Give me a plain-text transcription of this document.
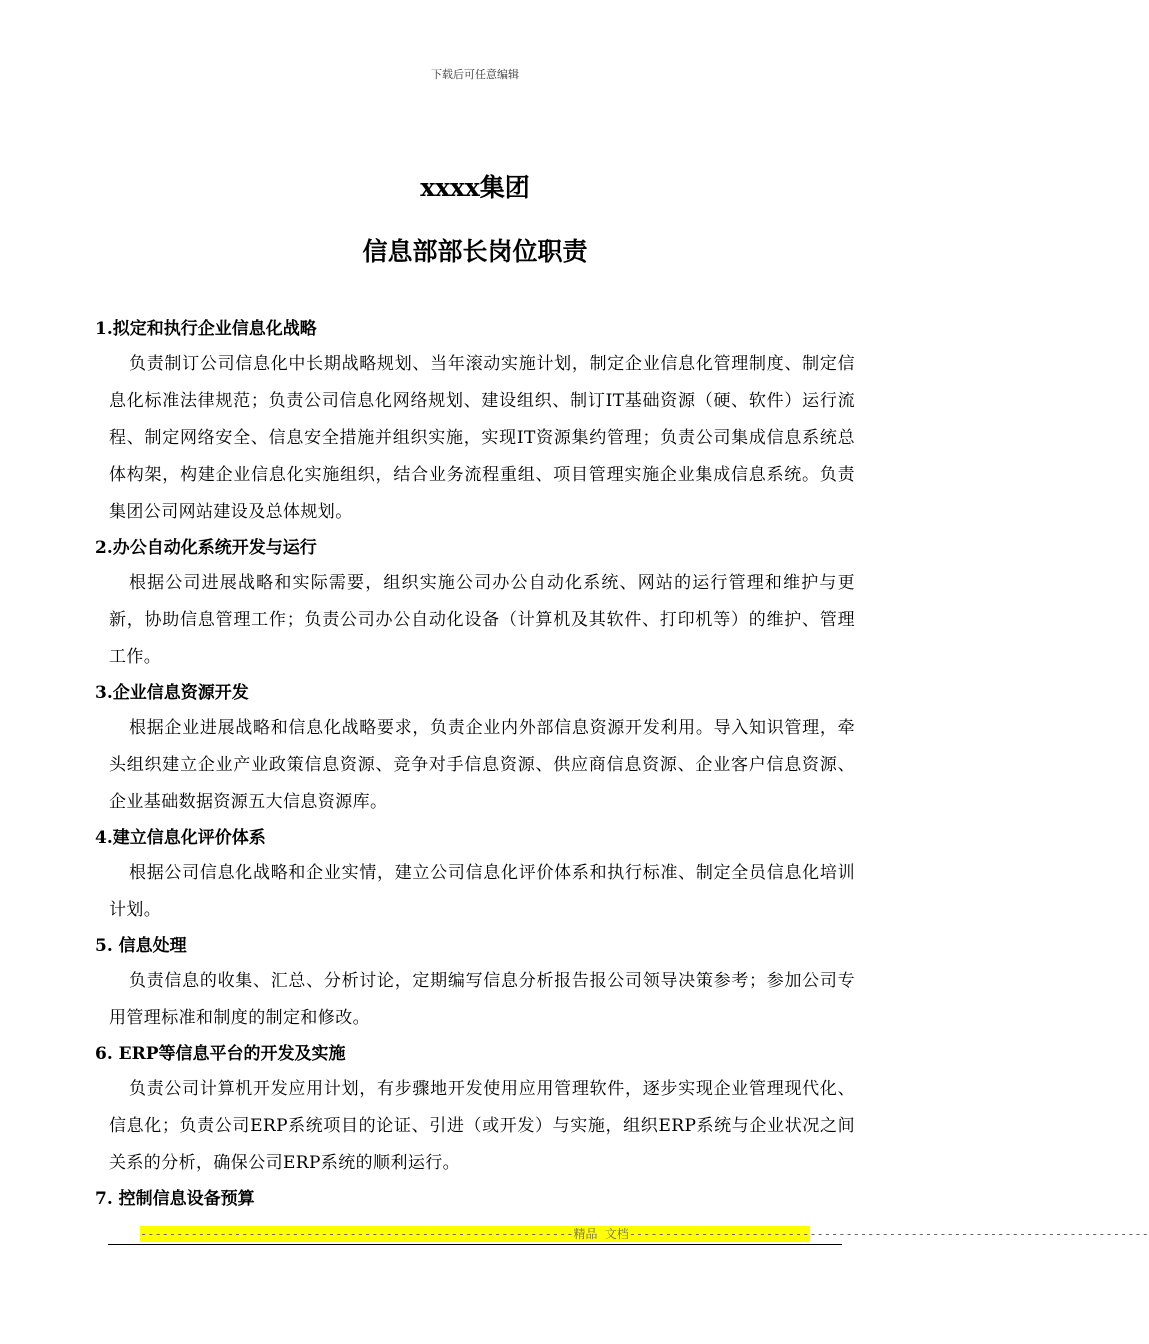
下载后可任意编辑
xxxx集团
信息部部长岗位职责

1.拟定和执行企业信息化战略

负责制订公司信息化中长期战略规划、当年滚动实施计划，制定企业信息化管理制度、制定信息化标准法律规范；负责公司信息化网络规划、建设组织、制订IT基础资源（硬、软件）运行流程、制定网络安全、信息安全措施并组织实施，实现IT资源集约管理；负责公司集成信息系统总体构架，构建企业信息化实施组织，结合业务流程重组、项目管理实施企业集成信息系统。负责集团公司网站建设及总体规划。

2.办公自动化系统开发与运行

根据公司进展战略和实际需要，组织实施公司办公自动化系统、网站的运行管理和维护与更新，协助信息管理工作；负责公司办公自动化设备（计算机及其软件、打印机等）的维护、管理工作。

3.企业信息资源开发

根据企业进展战略和信息化战略要求，负责企业内外部信息资源开发利用。导入知识管理，牵头组织建立企业产业政策信息资源、竞争对手信息资源、供应商信息资源、企业客户信息资源、企业基础数据资源五大信息资源库。

4.建立信息化评价体系

根据公司信息化战略和企业实情，建立公司信息化评价体系和执行标准、制定全员信息化培训计划。

5. 信息处理

负责信息的收集、汇总、分析讨论，定期编写信息分析报告报公司领导决策参考；参加公司专用管理标准和制度的制定和修改。

6. ERP等信息平台的开发及实施

负责公司计算机开发应用计划，有步骤地开发使用应用管理软件，逐步实现企业管理现代化、信息化；负责公司ERP系统项目的论证、引进（或开发）与实施，组织ERP系统与企业状况之间关系的分析，确保公司ERP系统的顺利运行。

7. 控制信息设备预算

------------------------------------------------------------精品 文档------------------------------------------------------------------------
